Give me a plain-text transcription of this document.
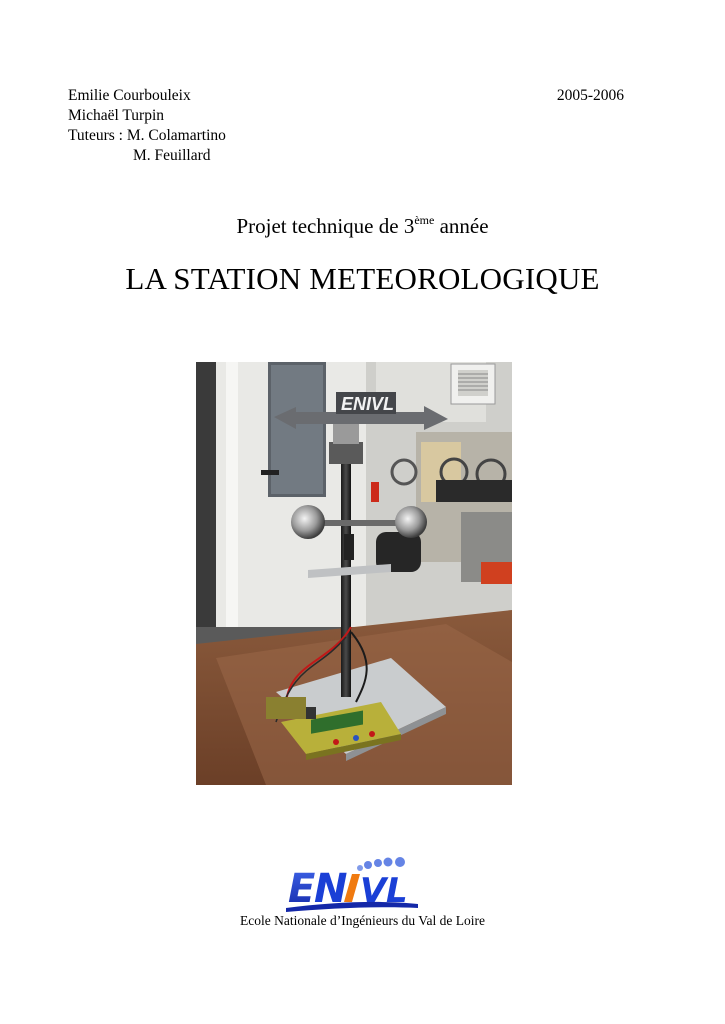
Emilie Courbouleix
Michaël Turpin
Tuteurs : M. Colamartino
M. Feuillard
2005-2006
Projet technique de 3ème année
LA STATION METEOROLOGIQUE
ENIVL
E
N V L
Ecole Nationale d’Ingénieurs du Val de Loire
